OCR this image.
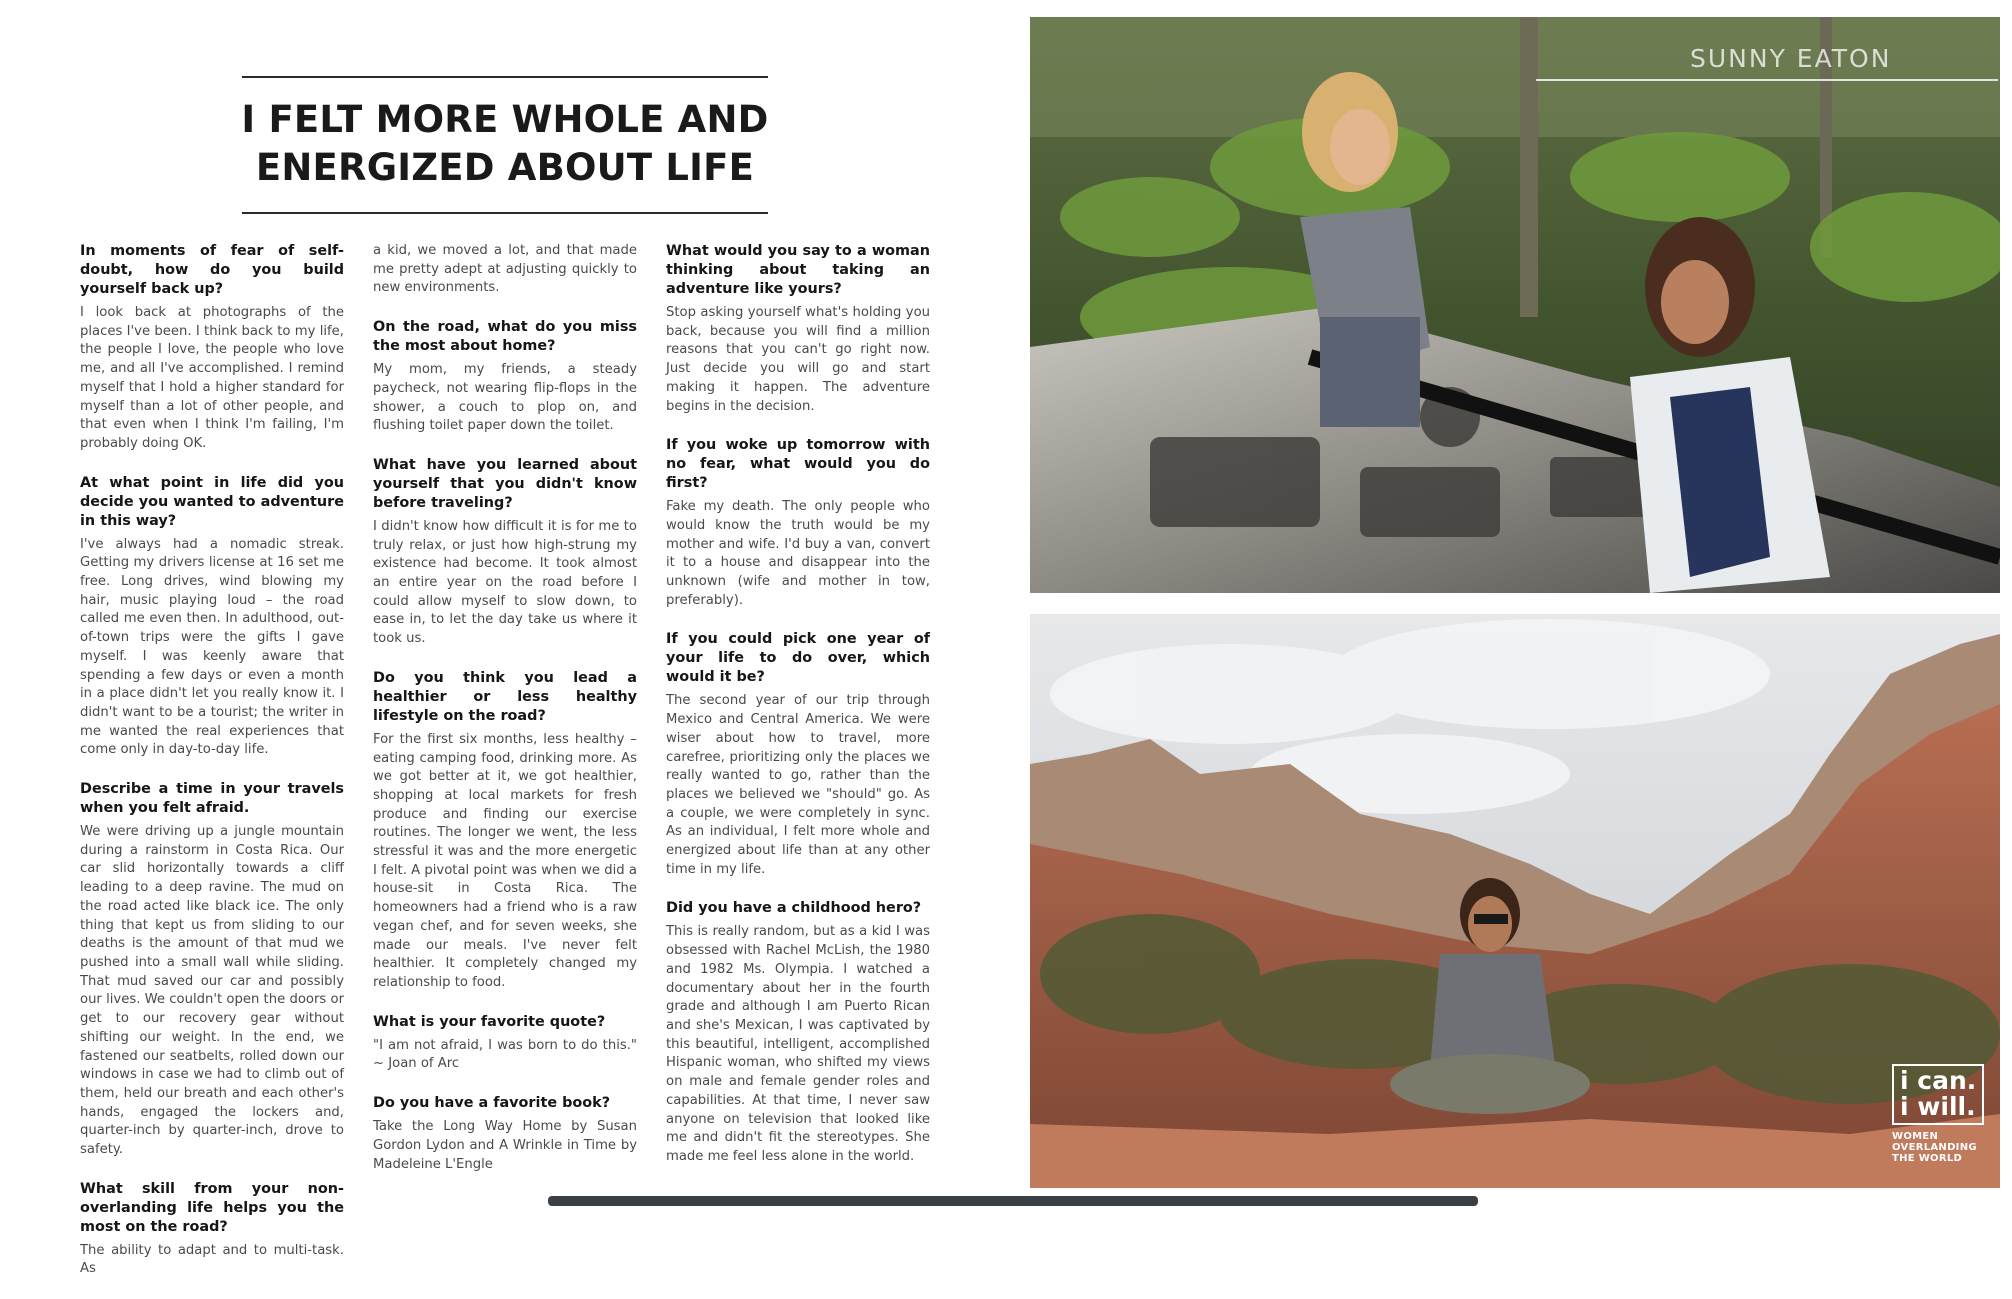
I FELT MORE WHOLE AND
ENERGIZED ABOUT LIFE
In moments of fear of self-doubt, how do you build yourself back up?
I look back at photographs of the places I've been. I think back to my life, the people I love, the people who love me, and all I've accomplished. I remind myself that I hold a higher standard for myself than a lot of other people, and that even when I think I'm failing, I'm probably doing OK.
At what point in life did you decide you wanted to adventure in this way?
I've always had a nomadic streak. Getting my drivers license at 16 set me free. Long drives, wind blowing my hair, music playing loud – the road called me even then. In adulthood, out-of-town trips were the gifts I gave myself. I was keenly aware that spending a few days or even a month in a place didn't let you really know it. I didn't want to be a tourist; the writer in me wanted the real experiences that come only in day-to-day life.
Describe a time in your travels when you felt afraid.
We were driving up a jungle mountain during a rainstorm in Costa Rica. Our car slid horizontally towards a cliff leading to a deep ravine. The mud on the road acted like black ice. The only thing that kept us from sliding to our deaths is the amount of that mud we pushed into a small wall while sliding. That mud saved our car and possibly our lives. We couldn't open the doors or get to our recovery gear without shifting our weight. In the end, we fastened our seatbelts, rolled down our windows in case we had to climb out of them, held our breath and each other's hands, engaged the lockers and, quarter-inch by quarter-inch, drove to safety.
What skill from your non-overlanding life helps you the most on the road?
The ability to adapt and to multi-task. As
a kid, we moved a lot, and that made me pretty adept at adjusting quickly to new environments.
On the road, what do you miss the most about home?
My mom, my friends, a steady paycheck, not wearing flip-flops in the shower, a couch to plop on, and flushing toilet paper down the toilet.
What have you learned about yourself that you didn't know before traveling?
I didn't know how difficult it is for me to truly relax, or just how high-strung my existence had become. It took almost an entire year on the road before I could allow myself to slow down, to ease in, to let the day take us where it took us.
Do you think you lead a healthier or less healthy lifestyle on the road?
For the first six months, less healthy – eating camping food, drinking more. As we got better at it, we got healthier, shopping at local markets for fresh produce and finding our exercise routines. The longer we went, the less stressful it was and the more energetic I felt. A pivotal point was when we did a house-sit in Costa Rica. The homeowners had a friend who is a raw vegan chef, and for seven weeks, she made our meals. I've never felt healthier. It completely changed my relationship to food.
What is your favorite quote?
"I am not afraid, I was born to do this." ~ Joan of Arc
Do you have a favorite book?
Take the Long Way Home by Susan Gordon Lydon and A Wrinkle in Time by Madeleine L'Engle
What would you say to a woman thinking about taking an adventure like yours?
Stop asking yourself what's holding you back, because you will find a million reasons that you can't go right now. Just decide you will go and start making it happen. The adventure begins in the decision.
If you woke up tomorrow with no fear, what would you do first?
Fake my death. The only people who would know the truth would be my mother and wife. I'd buy a van, convert it to a house and disappear into the unknown (wife and mother in tow, preferably).
If you could pick one year of your life to do over, which would it be?
The second year of our trip through Mexico and Central America. We were wiser about how to travel, more carefree, prioritizing only the places we really wanted to go, rather than the places we believed we "should" go. As a couple, we were completely in sync. As an individual, I felt more whole and energized about life than at any other time in my life.
Did you have a childhood hero?
This is really random, but as a kid I was obsessed with Rachel McLish, the 1980 and 1982 Ms. Olympia. I watched a documentary about her in the fourth grade and although I am Puerto Rican and she's Mexican, I was captivated by this beautiful, intelligent, accomplished Hispanic woman, who shifted my views on male and female gender roles and capabilities. At that time, I never saw anyone on television that looked like me and didn't fit the stereotypes. She made me feel less alone in the world.
SUNNY EATON
i can.
i will.
WOMEN
OVERLANDING
THE WORLD
